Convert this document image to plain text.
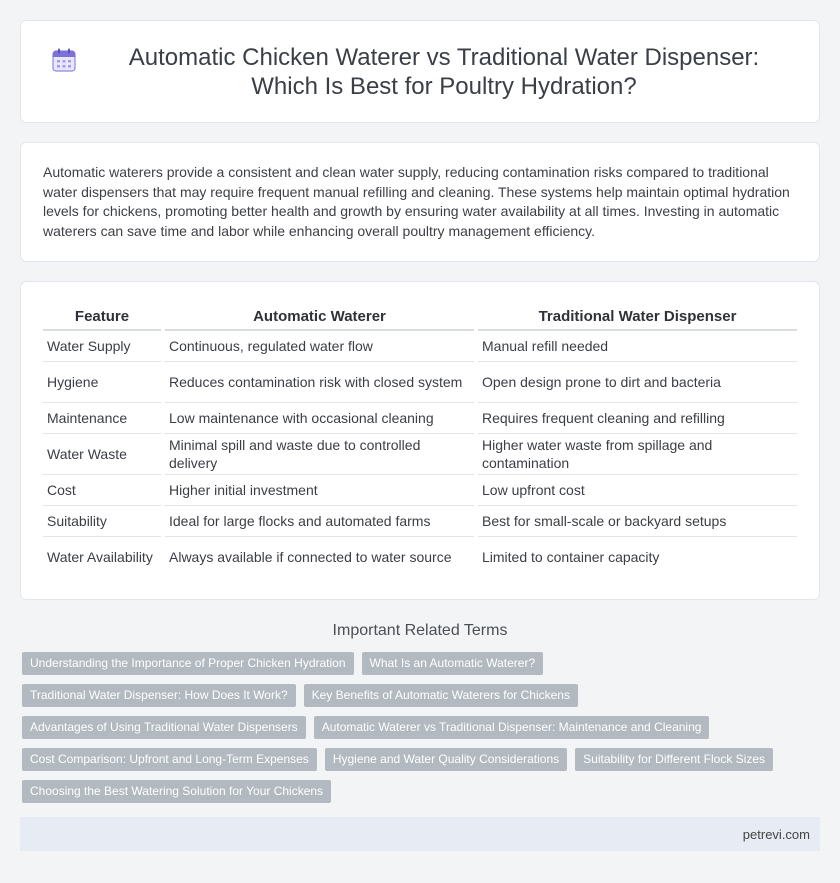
Automatic Chicken Waterer vs Traditional Water Dispenser: Which Is Best for Poultry Hydration?

Automatic waterers provide a consistent and clean water supply, reducing contamination risks compared to traditional water dispensers that may require frequent manual refilling and cleaning. These systems help maintain optimal hydration levels for chickens, promoting better health and growth by ensuring water availability at all times. Investing in automatic waterers can save time and labor while enhancing overall poultry management efficiency.

Feature	Automatic Waterer	Traditional Water Dispenser
Water Supply	Continuous, regulated water flow	Manual refill needed
Hygiene	Reduces contamination risk with closed system	Open design prone to dirt and bacteria
Maintenance	Low maintenance with occasional cleaning	Requires frequent cleaning and refilling
Water Waste	Minimal spill and waste due to controlled delivery	Higher water waste from spillage and contamination
Cost	Higher initial investment	Low upfront cost
Suitability	Ideal for large flocks and automated farms	Best for small-scale or backyard setups
Water Availability	Always available if connected to water source	Limited to container capacity
Important Related Terms
Understanding the Importance of Proper Chicken Hydration	What Is an Automatic Waterer?
Traditional Water Dispenser: How Does It Work?	Key Benefits of Automatic Waterers for Chickens
Advantages of Using Traditional Water Dispensers	Automatic Waterer vs Traditional Dispenser: Maintenance and Cleaning
Cost Comparison: Upfront and Long-Term Expenses	Hygiene and Water Quality Considerations	Suitability for Different Flock Sizes
Choosing the Best Watering Solution for Your Chickens
petrevi.com
